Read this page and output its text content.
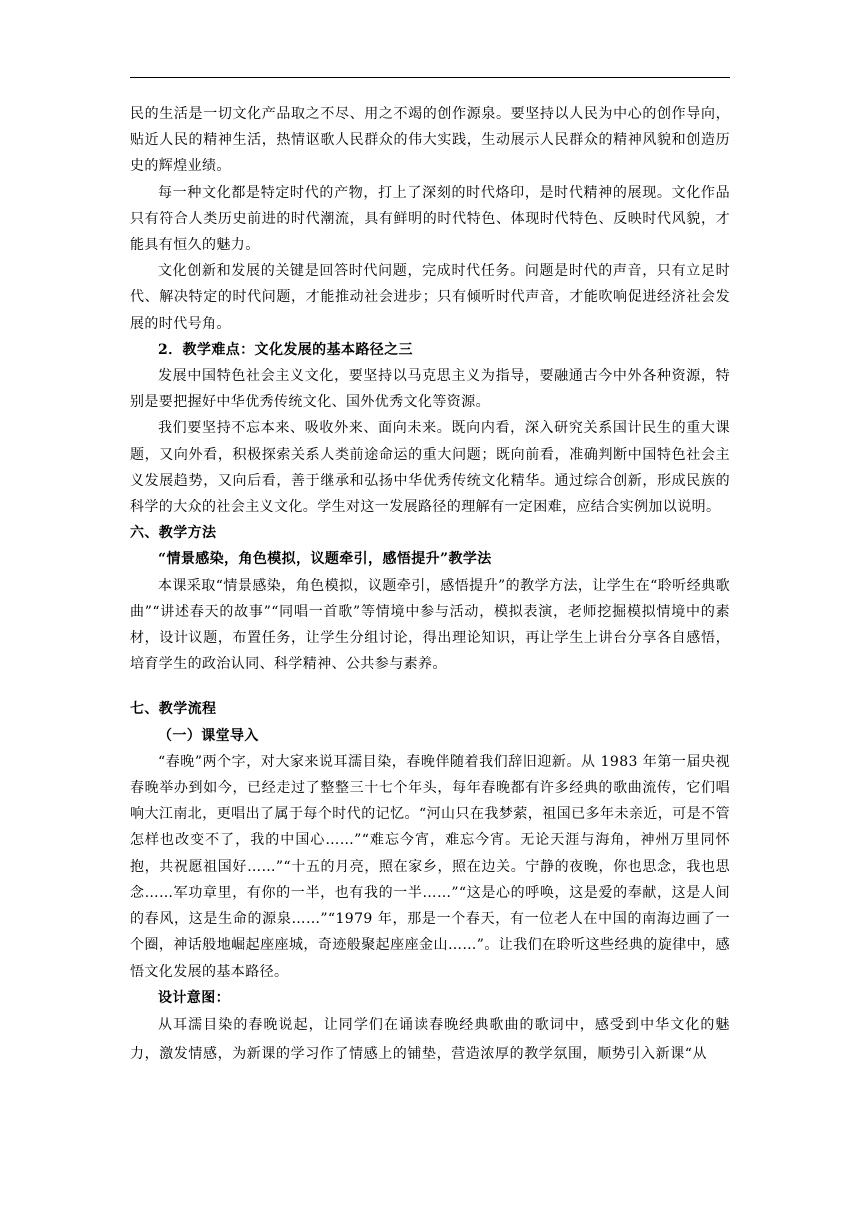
民的生活是一切文化产品取之不尽、用之不竭的创作源泉。要坚持以人民为中心的创作导向，贴近人民的精神生活，热情讴歌人民群众的伟大实践，生动展示人民群众的精神风貌和创造历史的辉煌业绩。

每一种文化都是特定时代的产物，打上了深刻的时代烙印，是时代精神的展现。文化作品只有符合人类历史前进的时代潮流，具有鲜明的时代特色、体现时代特色、反映时代风貌，才能具有恒久的魅力。

文化创新和发展的关键是回答时代问题，完成时代任务。问题是时代的声音，只有立足时代、解决特定的时代问题，才能推动社会进步；只有倾听时代声音，才能吹响促进经济社会发展的时代号角。

2．教学难点：文化发展的基本路径之三

发展中国特色社会主义文化，要坚持以马克思主义为指导，要融通古今中外各种资源，特别是要把握好中华优秀传统文化、国外优秀文化等资源。

我们要坚持不忘本来、吸收外来、面向未来。既向内看，深入研究关系国计民生的重大课题，又向外看，积极探索关系人类前途命运的重大问题；既向前看，准确判断中国特色社会主义发展趋势，又向后看，善于继承和弘扬中华优秀传统文化精华。通过综合创新，形成民族的科学的大众的社会主义文化。学生对这一发展路径的理解有一定困难，应结合实例加以说明。

六、教学方法

“情景感染，角色模拟，议题牵引，感悟提升”教学法

本课采取“情景感染，角色模拟，议题牵引，感悟提升”的教学方法，让学生在“聆听经典歌曲”“讲述春天的故事”“同唱一首歌”等情境中参与活动，模拟表演，老师挖掘模拟情境中的素材，设计议题，布置任务，让学生分组讨论，得出理论知识，再让学生上讲台分享各自感悟，培育学生的政治认同、科学精神、公共参与素养。

七、教学流程

（一）课堂导入

“春晚”两个字，对大家来说耳濡目染，春晚伴随着我们辞旧迎新。从 1983 年第一届央视春晚举办到如今，已经走过了整整三十七个年头，每年春晚都有许多经典的歌曲流传，它们唱响大江南北，更唱出了属于每个时代的记忆。“河山只在我梦萦，祖国已多年未亲近，可是不管怎样也改变不了，我的中国心……”“难忘今宵，难忘今宵。无论天涯与海角，神州万里同怀抱，共祝愿祖国好……”“十五的月亮，照在家乡，照在边关。宁静的夜晚，你也思念，我也思念……军功章里，有你的一半，也有我的一半……”“这是心的呼唤，这是爱的奉献，这是人间的春风，这是生命的源泉……”“1979 年，那是一个春天，有一位老人在中国的南海边画了一个圈，神话般地崛起座座城，奇迹般聚起座座金山……”。让我们在聆听这些经典的旋律中，感悟文化发展的基本路径。

设计意图：

从耳濡目染的春晚说起，让同学们在诵读春晚经典歌曲的歌词中，感受到中华文化的魅力，激发情感，为新课的学习作了情感上的铺垫，营造浓厚的教学氛围，顺势引入新课“从
